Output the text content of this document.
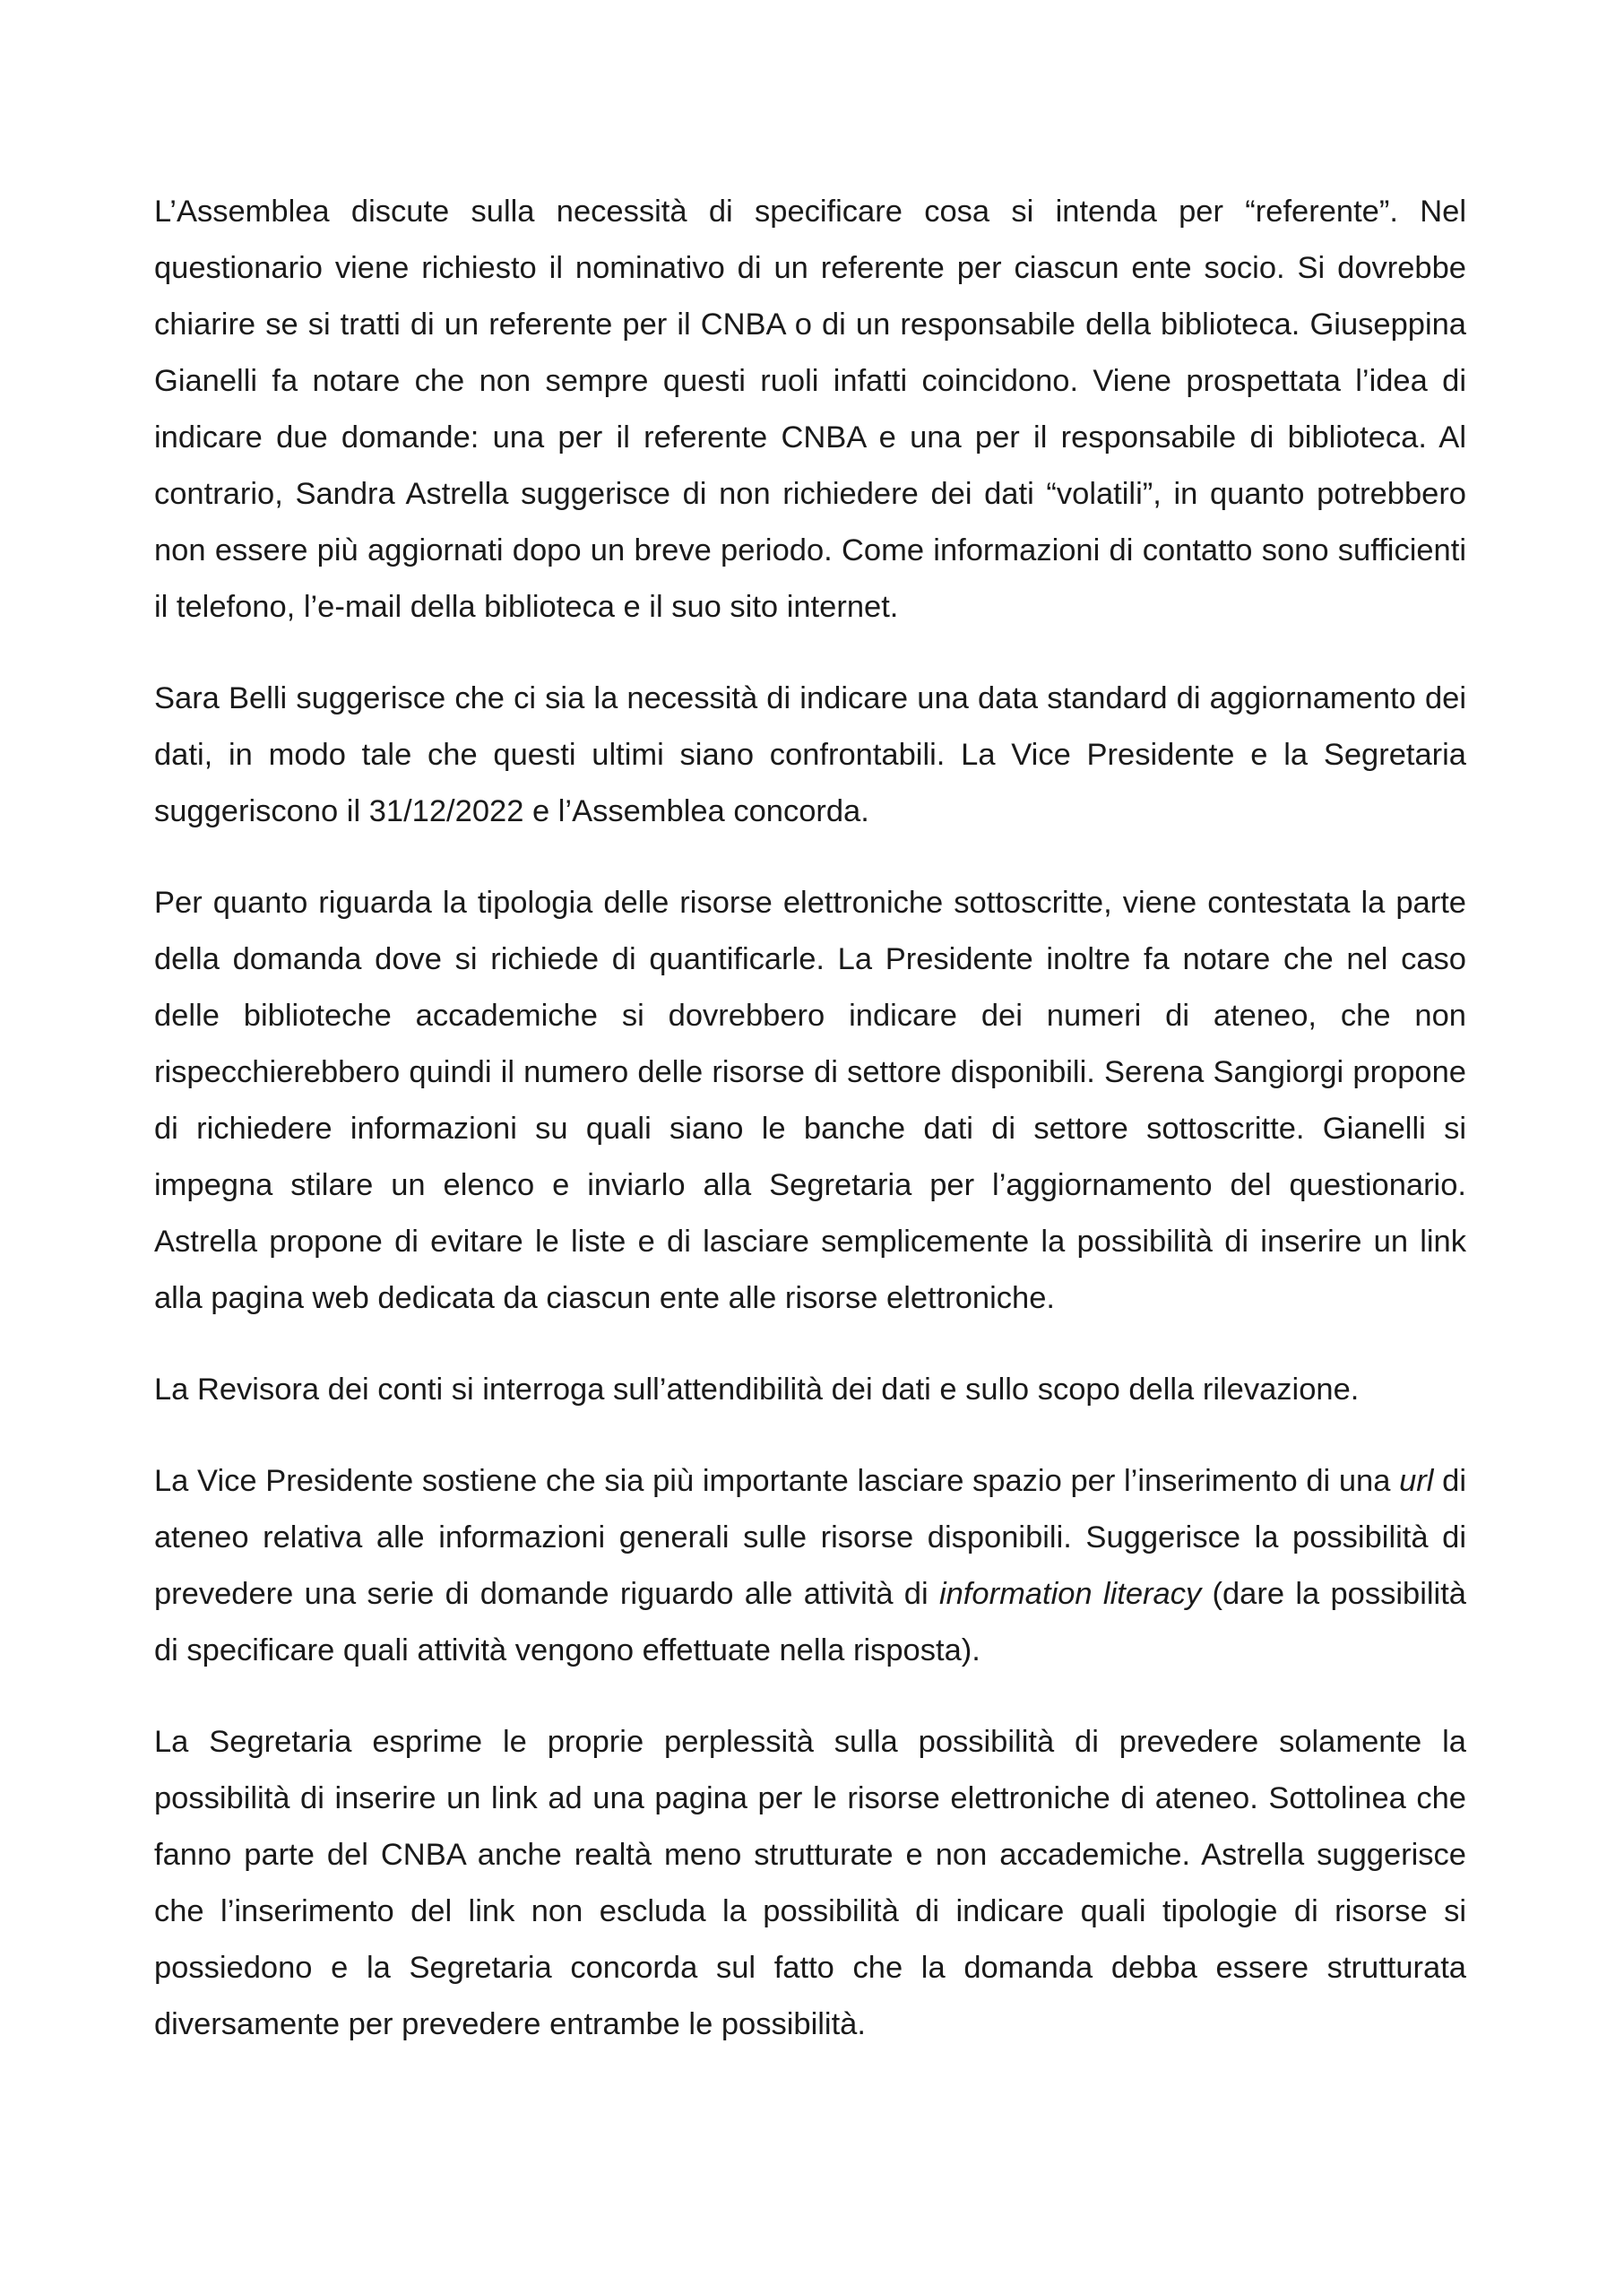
L’Assemblea discute sulla necessità di specificare cosa si intenda per “referente”. Nel questionario viene richiesto il nominativo di un referente per ciascun ente socio. Si dovrebbe chiarire se si tratti di un referente per il CNBA o di un responsabile della biblioteca. Giuseppina Gianelli fa notare che non sempre questi ruoli infatti coincidono. Viene prospettata l’idea di indicare due domande: una per il referente CNBA e una per il responsabile di biblioteca. Al contrario, Sandra Astrella suggerisce di non richiedere dei dati “volatili”, in quanto potrebbero non essere più aggiornati dopo un breve periodo. Come informazioni di contatto sono sufficienti il telefono, l’e-mail della biblioteca e il suo sito internet.

Sara Belli suggerisce che ci sia la necessità di indicare una data standard di aggiornamento dei dati, in modo tale che questi ultimi siano confrontabili. La Vice Presidente e la Segretaria suggeriscono il 31/12/2022 e l’Assemblea concorda.

Per quanto riguarda la tipologia delle risorse elettroniche sottoscritte, viene contestata la parte della domanda dove si richiede di quantificarle. La Presidente inoltre fa notare che nel caso delle biblioteche accademiche si dovrebbero indicare dei numeri di ateneo, che non rispecchierebbero quindi il numero delle risorse di settore disponibili. Serena Sangiorgi propone di richiedere informazioni su quali siano le banche dati di settore sottoscritte. Gianelli si impegna stilare un elenco e inviarlo alla Segretaria per l’aggiornamento del questionario. Astrella propone di evitare le liste e di lasciare semplicemente la possibilità di inserire un link alla pagina web dedicata da ciascun ente alle risorse elettroniche.

La Revisora dei conti si interroga sull’attendibilità dei dati e sullo scopo della rilevazione.

La Vice Presidente sostiene che sia più importante lasciare spazio per l’inserimento di una url di ateneo relativa alle informazioni generali sulle risorse disponibili. Suggerisce la possibilità di prevedere una serie di domande riguardo alle attività di information literacy (dare la possibilità di specificare quali attività vengono effettuate nella risposta).

La Segretaria esprime le proprie perplessità sulla possibilità di prevedere solamente la possibilità di inserire un link ad una pagina per le risorse elettroniche di ateneo. Sottolinea che fanno parte del CNBA anche realtà meno strutturate e non accademiche. Astrella suggerisce che l’inserimento del link non escluda la possibilità di indicare quali tipologie di risorse si possiedono e la Segretaria concorda sul fatto che la domanda debba essere strutturata diversamente per prevedere entrambe le possibilità.
